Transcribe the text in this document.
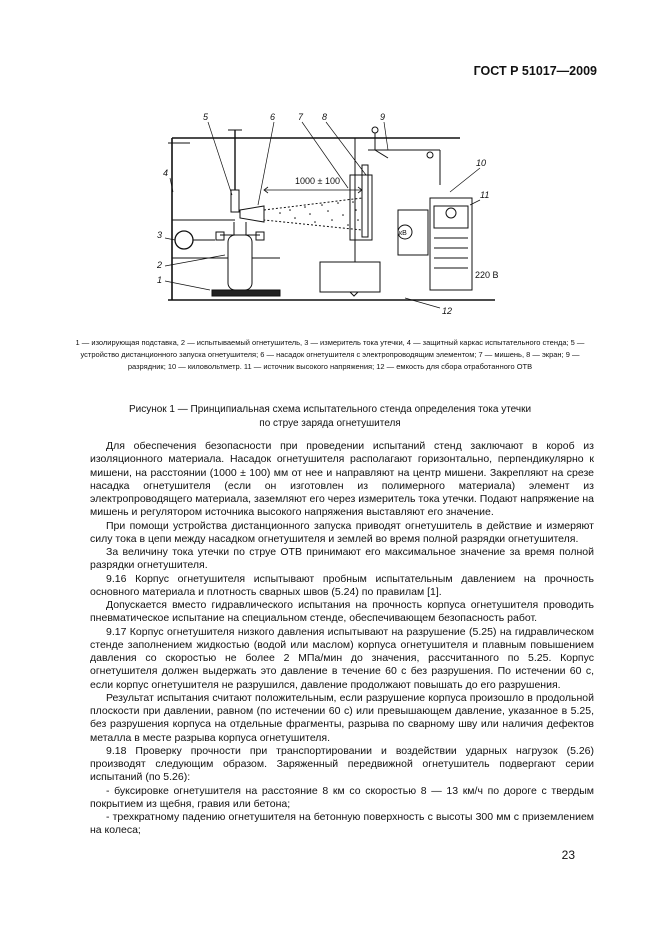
ГОСТ Р 51017—2009
1000 ± 100
кВ
1
2
3
4
5	6	7 8	9
10
11
12
220 В
1 — изолирующая подставка, 2 — испытываемый огнетушитель, 3 — измеритель тока утечки, 4 — защитный каркас испытательного стенда; 5 — устройство дистанционного запуска огнетушителя; 6 — насадок огнетушителя с электропроводящим элементом; 7 — мишень, 8 — экран; 9 — разрядник; 10 — киловольтметр. 11 — источник высокого напряжения; 12 — емкость для сбора отработанного ОТВ
Рисунок 1 — Принципиальная схема испытательного стенда определения тока утечки
по струе заряда огнетушителя

Для обеспечения безопасности при проведении испытаний стенд заключают в короб из изоляционного материала. Насадок огнетушителя располагают горизонтально, перпендикулярно к мишени, на расстоянии (1000 ± 100) мм от нее и направляют на центр мишени. Закрепляют на срезе насадка огнетушителя (если он изготовлен из полимерного материала) элемент из электропроводящего материала, заземляют его через измеритель тока утечки. Подают напряжение на мишень и регулятором источника высокого напряжения выставляют его значение.

При помощи устройства дистанционного запуска приводят огнетушитель в действие и измеряют силу тока в цепи между насадком огнетушителя и землей во время полной разрядки огнетушителя.

За величину тока утечки по струе ОТВ принимают его максимальное значение за время полной разрядки огнетушителя.

9.16 Корпус огнетушителя испытывают пробным испытательным давлением на прочность основного материала и плотность сварных швов (5.24) по правилам [1].

Допускается вместо гидравлического испытания на прочность корпуса огнетушителя проводить пневматическое испытание на специальном стенде, обеспечивающем безопасность работ.

9.17 Корпус огнетушителя низкого давления испытывают на разрушение (5.25) на гидравлическом стенде заполнением жидкостью (водой или маслом) корпуса огнетушителя и плавным повышением давления со скоростью не более 2 МПа/мин до значения, рассчитанного по 5.25. Корпус огнетушителя должен выдержать это давление в течение 60 с без разрушения. По истечении 60 с, если корпус огнетушителя не разрушился, давление продолжают повышать до его разрушения.

Результат испытания считают положительным, если разрушение корпуса произошло в продольной плоскости при давлении, равном (по истечении 60 с) или превышающем давление, указанное в 5.25, без разрушения корпуса на отдельные фрагменты, разрыва по сварному шву или наличия дефектов металла в месте разрыва корпуса огнетушителя.

9.18 Проверку прочности при транспортировании и воздействии ударных нагрузок (5.26) производят следующим образом. Заряженный передвижной огнетушитель подвергают серии испытаний (по 5.26):

- буксировке огнетушителя на расстояние 8 км со скоростью 8 — 13 км/ч по дороге с твердым покрытием из щебня, гравия или бетона;

- трехкратному падению огнетушителя на бетонную поверхность с высоты 300 мм с приземлением на колеса;

23
